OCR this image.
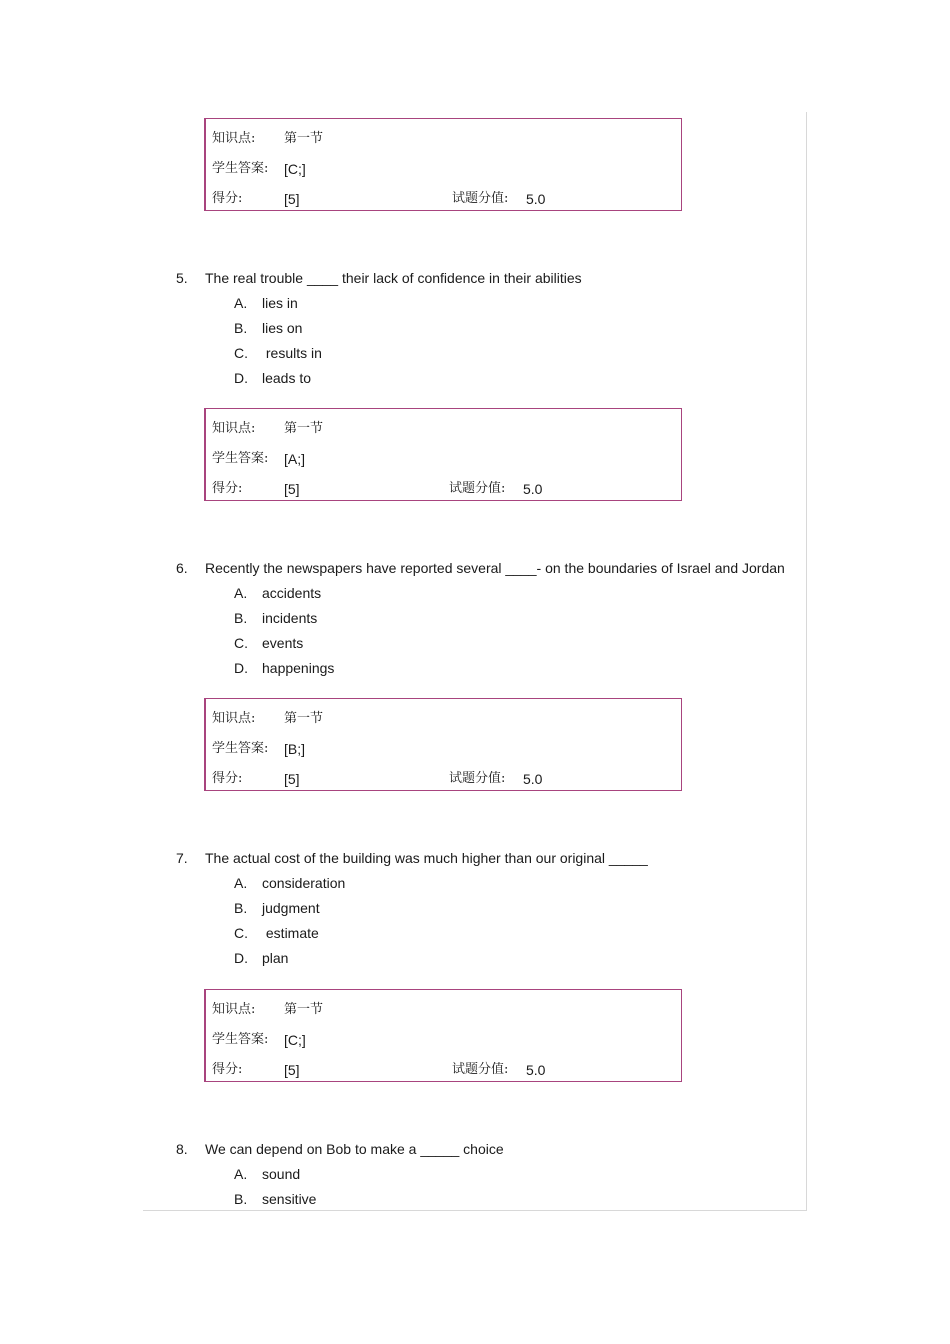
知识点: 第一节
学生答案: [C;]
得分:	[5]	试题分值: 5.0
5. The real trouble ____ their lack of confidence in their abilities
A. lies in
B. lies on
C. results in
D. leads to
知识点: 第一节
学生答案: [A;]
得分:	[5]	试题分值: 5.0
6. Recently the newspapers have reported several ____- on the boundaries of Israel and Jordan
A. accidents
B. incidents
C. events
D. happenings
知识点: 第一节
学生答案: [B;]
得分:	[5]	试题分值: 5.0
7. The actual cost of the building was much higher than our original _____
A. consideration
B. judgment
C. estimate
D. plan
知识点: 第一节
学生答案: [C;]
得分:	[5]	试题分值: 5.0
8. We can depend on Bob to make a _____ choice
A. sound
B. sensitive
